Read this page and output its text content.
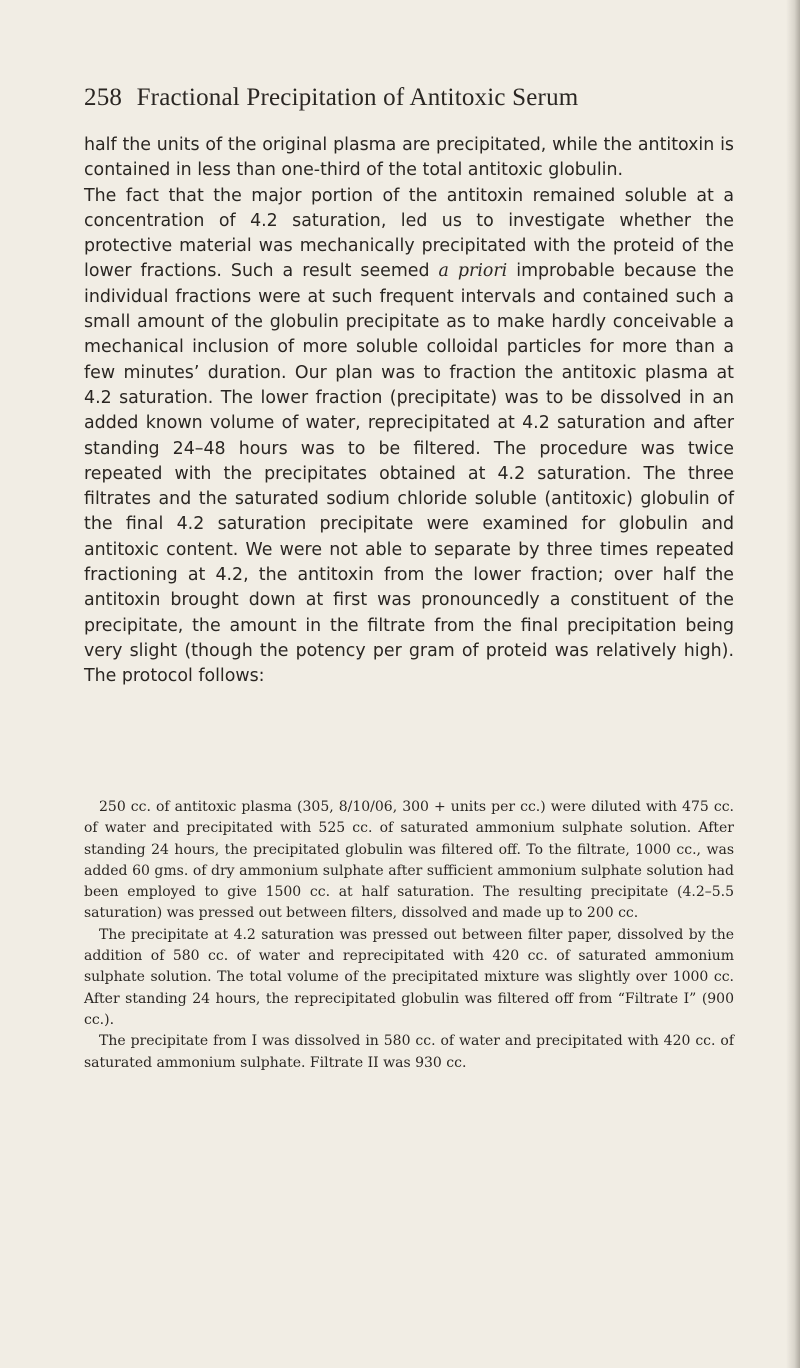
258 Fractional Precipitation of Antitoxic Serum

half the units of the original plasma are precipitated, while the antitoxin is contained in less than one-third of the total antitoxic globulin.

The fact that the major portion of the antitoxin remained soluble at a concentration of 4.2 saturation, led us to investigate whether the protective material was mechanically precipitated with the proteid of the lower fractions. Such a result seemed a priori improbable because the individual fractions were at such frequent intervals and contained such a small amount of the globulin precipitate as to make hardly conceivable a mechanical inclusion of more soluble colloidal particles for more than a few minutes’ duration. Our plan was to fraction the antitoxic plasma at 4.2 saturation. The lower fraction (precipitate) was to be dissolved in an added known volume of water, reprecipitated at 4.2 saturation and after standing 24–48 hours was to be filtered. The procedure was twice repeated with the precipitates obtained at 4.2 saturation. The three filtrates and the saturated sodium chloride soluble (antitoxic) globulin of the final 4.2 saturation precipitate were examined for globulin and antitoxic content. We were not able to separate by three times repeated fractioning at 4.2, the antitoxin from the lower fraction; over half the antitoxin brought down at first was pronouncedly a constituent of the precipitate, the amount in the filtrate from the final precipitation being very slight (though the potency per gram of proteid was relatively high). The protocol follows:

250 cc. of antitoxic plasma (305, 8/10/06, 300 + units per cc.) were diluted with 475 cc. of water and precipitated with 525 cc. of saturated ammonium sulphate solution. After standing 24 hours, the precipitated globulin was filtered off. To the filtrate, 1000 cc., was added 60 gms. of dry ammonium sulphate after sufficient ammonium sulphate solution had been employed to give 1500 cc. at half saturation. The resulting precipitate (4.2–5.5 saturation) was pressed out between filters, dissolved and made up to 200 cc.

The precipitate at 4.2 saturation was pressed out between filter paper, dissolved by the addition of 580 cc. of water and reprecipitated with 420 cc. of saturated ammonium sulphate solution. The total volume of the precipitated mixture was slightly over 1000 cc. After standing 24 hours, the reprecipitated globulin was filtered off from “Filtrate I” (900 cc.).

The precipitate from I was dissolved in 580 cc. of water and precipitated with 420 cc. of saturated ammonium sulphate. Filtrate II was 930 cc.
